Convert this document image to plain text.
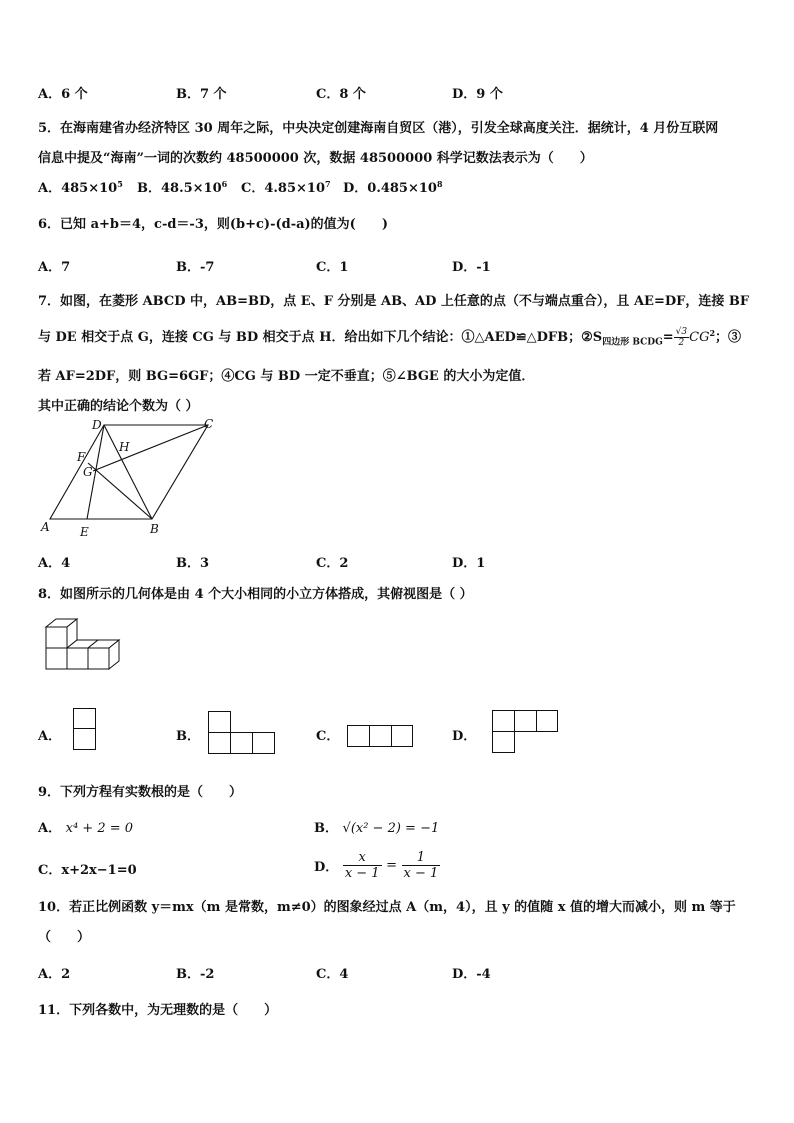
A．6 个	B．7 个	C．8 个	D．9 个
5．在海南建省办经济特区 30 周年之际，中央决定创建海南自贸区（港），引发全球高度关注．据统计，4 月份互联网
信息中提及“海南”一词的次数约 48500000 次，数据 48500000 科学记数法表示为（　　）
A．$485\times 10^5$ B．$48.5\times 10^6$ C．$4.85\times 10^7$ D．$0.485\times 10^8$
6．已知 a+b＝4，c-d＝-3，则(b+c)-(d-a)的值为(　　)
A．7	B．-7	C．1	D．-1
7．如图，在菱形 ABCD 中，AB=BD，点 E、F 分别是 AB、AD 上任意的点（不与端点重合），且 AE=DF，连接 BF
与 DE 相交于点 G，连接 CG 与 BD 相交于点 H．给出如下几个结论：①△AED≌△DFB；$②S_{四边形 BCDG}= \frac{√3}{2} CG^2$；③
若 AF=2DF，则 BG=6GF；④CG 与 BD 一定不垂直；⑤∠BGE 的大小为定值．
其中正确的结论个数为（ ）
A	B
C
D
E
F
G
H
A．4	B．3	C．2	D．1
8．如图所示的几何体是由 4 个大小相同的小立方体搭成，其俯视图是（ ）
A．	B．	C．	D．
9．下列方程有实数根的是（　　）
A． x⁴ + 2 = 0	B． √(x² − 2) = −1
C．x+2x−1=0	D． $\frac{x}{x - 1} = \frac{1}{x - 1}$
10．若正比例函数 y＝mx（m 是常数，m≠0）的图象经过点 A（m，4），且 y 的值随 x 值的增大而减小，则 m 等于
（　　）
A．2	B．-2	C．4	D．-4
11．下列各数中，为无理数的是（　　）
